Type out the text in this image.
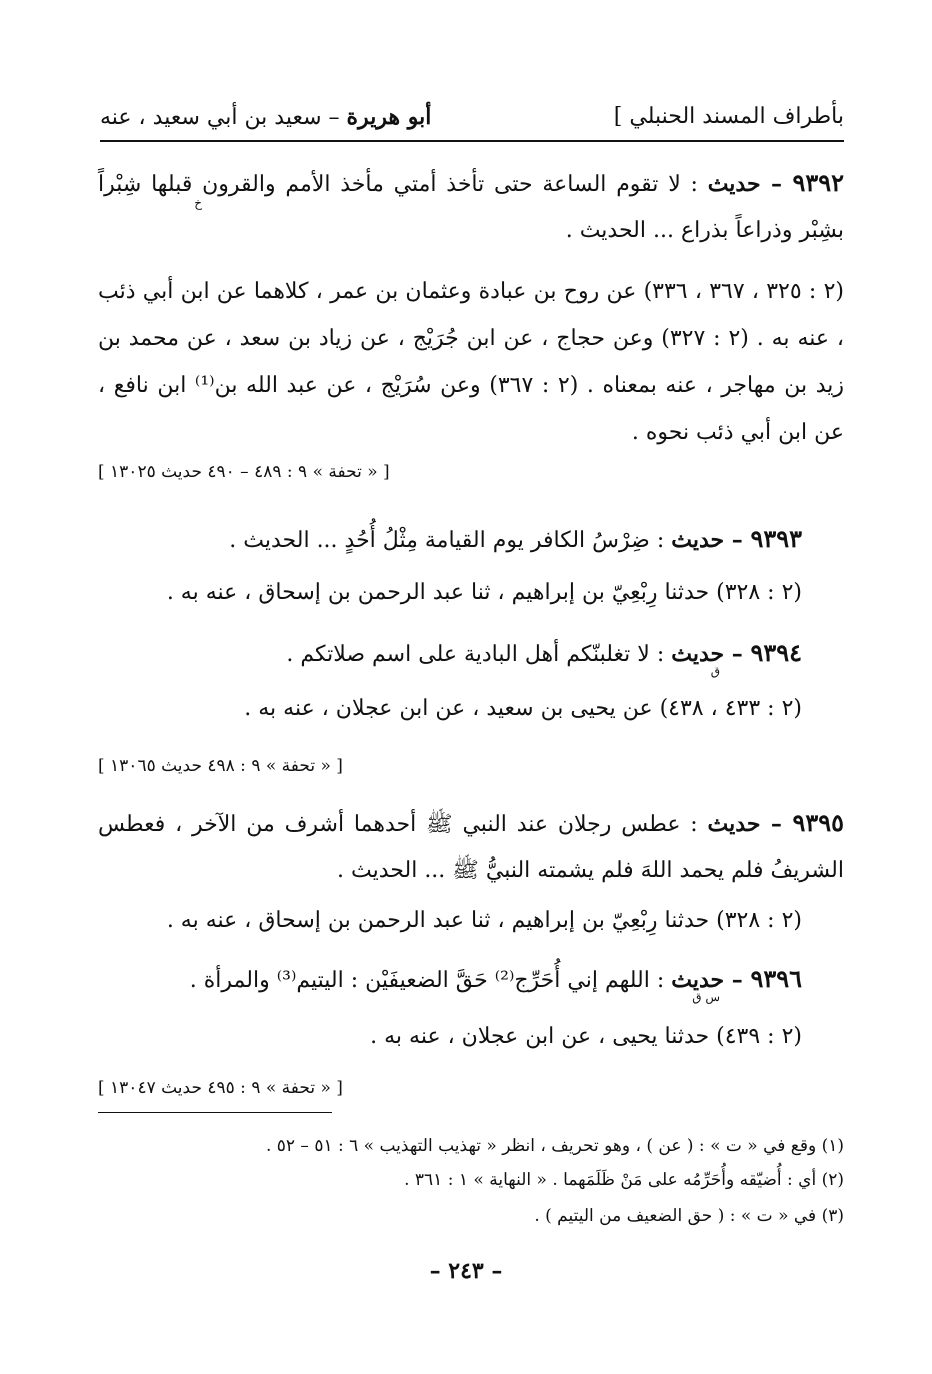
بأطراف المسند الحنبلي ]
أبو هريرة – سعيد بن أبي سعيد ، عنه
٩٣٩٢ – حديث : لا تقوم الساعة حتى تأخذ أمتي مأخذ الأمم والقرون قبلها شِبْراً بشِبْر وذراعاً بذراع ... الحديث .
خ
(٢ : ٣٢٥ ، ٣٦٧ ، ٣٣٦) عن روح بن عبادة وعثمان بن عمر ، كلاهما عن ابن أبي ذئب ، عنه به . (٢ : ٣٢٧) وعن حجاج ، عن ابن جُرَيْج ، عن زياد بن سعد ، عن محمد بن زيد بن مهاجر ، عنه بمعناه . (٢ : ٣٦٧) وعن سُرَيْج ، عن عبد الله بن⁽¹⁾ ابن نافع ، عن ابن أبي ذئب نحوه .
[ « تحفة » ٩ : ٤٨٩ – ٤٩٠ حديث ١٣٠٢٥ ]
٩٣٩٣ – حديث : ضِرْسُ الكافر يوم القيامة مِثْلُ أُحُدٍ ... الحديث .
(٢ : ٣٢٨) حدثنا رِبْعِيّ بن إبراهيم ، ثنا عبد الرحمن بن إسحاق ، عنه به .
٩٣٩٤ – حديث : لا تغلبنّكم أهل البادية على اسم صلاتكم .
ق
(٢ : ٤٣٣ ، ٤٣٨) عن يحيى بن سعيد ، عن ابن عجلان ، عنه به .
[ « تحفة » ٩ : ٤٩٨ حديث ١٣٠٦٥ ]
٩٣٩٥ – حديث : عطس رجلان عند النبي ﷺ أحدهما أشرف من الآخر ، فعطس الشريفُ فلم يحمد اللهَ فلم يشمته النبيُّ ﷺ ... الحديث .
(٢ : ٣٢٨) حدثنا رِبْعِيّ بن إبراهيم ، ثنا عبد الرحمن بن إسحاق ، عنه به .
٩٣٩٦ – حديث : اللهم إني أُحَرِّج⁽²⁾ حَقَّ الضعيفَيْن : اليتيم⁽³⁾ والمرأة .
س ق
(٢ : ٤٣٩) حدثنا يحيى ، عن ابن عجلان ، عنه به .
[ « تحفة » ٩ : ٤٩٥ حديث ١٣٠٤٧ ]
(١) وقع في « ت » : ( عن ) ، وهو تحريف ، انظر « تهذيب التهذيب » ٦ : ٥١ – ٥٢ .
(٢) أي : أُضيّقه وأُحَرِّمُه على مَنْ ظَلَمَهما . « النهاية » ١ : ٣٦١ .
(٣) في « ت » : ( حق الضعيف من اليتيم ) .
– ٢٤٣ –
